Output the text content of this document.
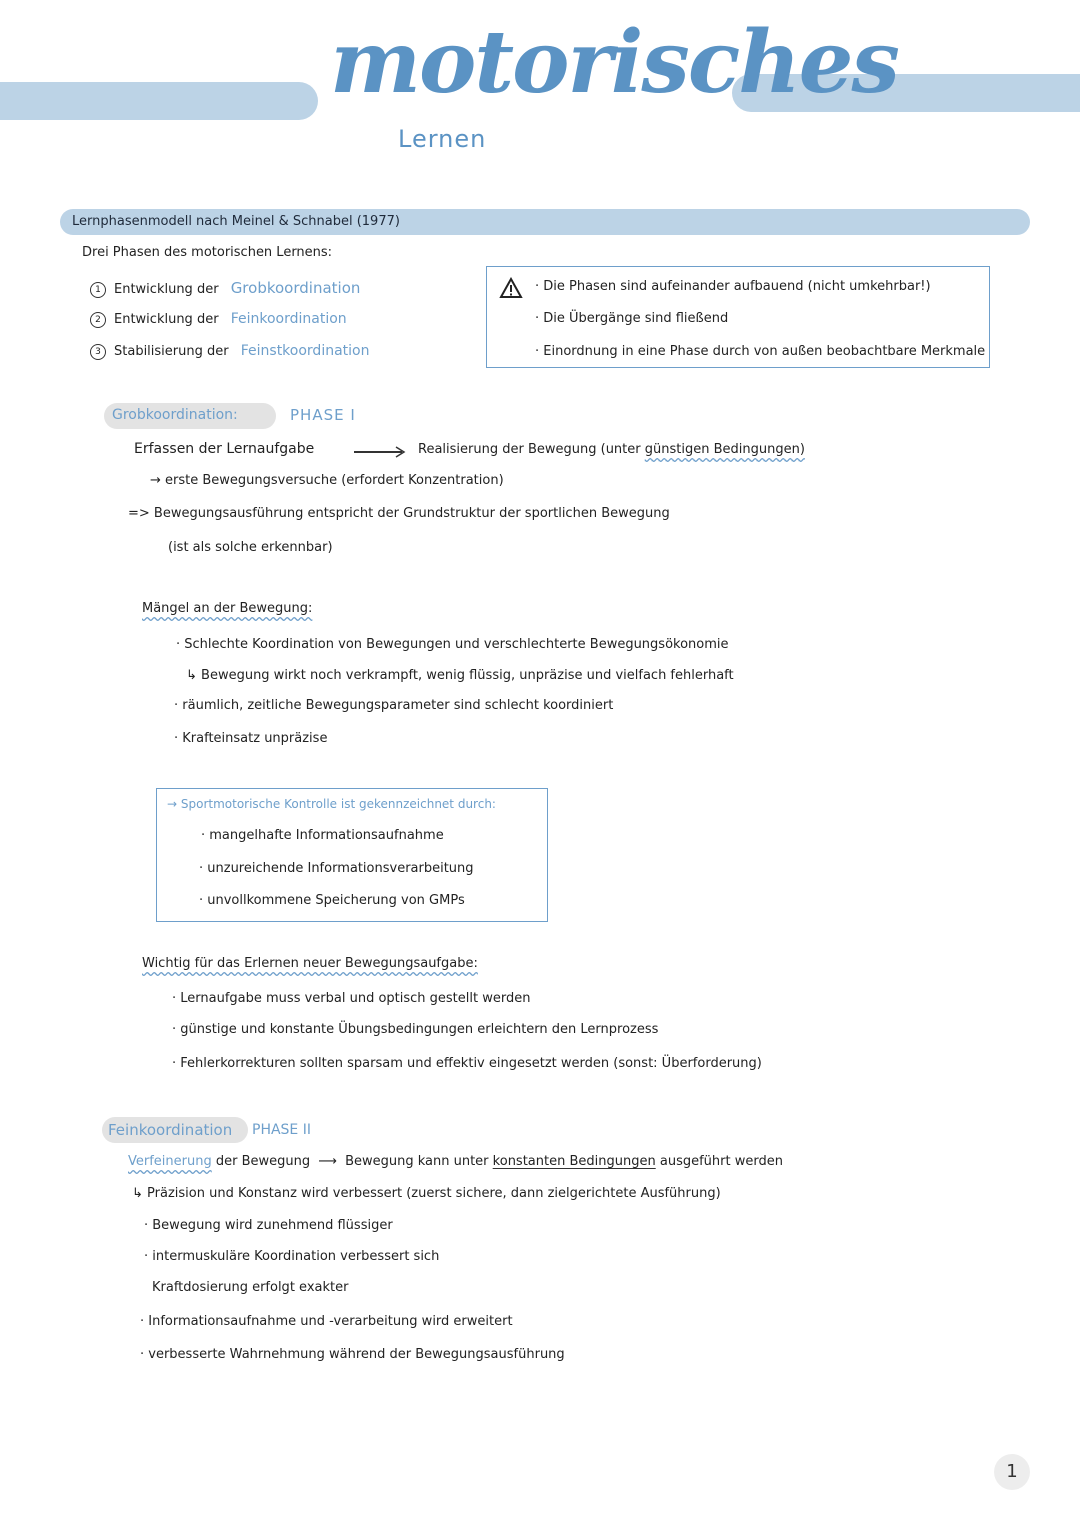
motorisches
Lernen
Lernphasenmodell nach Meinel & Schnabel (1977)
Drei Phasen des motorischen Lernens:
1 Entwicklung der Grobkoordination
2 Entwicklung der Feinkoordination
3 Stabilisierung der Feinstkoordination
· Die Phasen sind aufeinander aufbauend (nicht umkehrbar!)
· Die Übergänge sind fließend
· Einordnung in eine Phase durch von außen beobachtbare Merkmale
Grobkoordination:	PHASE I
Erfassen der Lernaufgabe	Realisierung der Bewegung (unter günstigen Bedingungen)
→ erste Bewegungsversuche (erfordert Konzentration)
=> Bewegungsausführung entspricht der Grundstruktur der sportlichen Bewegung
(ist als solche erkennbar)
Mängel an der Bewegung:
· Schlechte Koordination von Bewegungen und verschlechterte Bewegungsökonomie
↳ Bewegung wirkt noch verkrampft, wenig flüssig, unpräzise und vielfach fehlerhaft
· räumlich, zeitliche Bewegungsparameter sind schlecht koordiniert
· Krafteinsatz unpräzise
→ Sportmotorische Kontrolle ist gekennzeichnet durch:
· mangelhafte Informationsaufnahme
· unzureichende Informationsverarbeitung
· unvollkommene Speicherung von GMPs
Wichtig für das Erlernen neuer Bewegungsaufgabe:
· Lernaufgabe muss verbal und optisch gestellt werden
· günstige und konstante Übungsbedingungen erleichtern den Lernprozess
· Fehlerkorrekturen sollten sparsam und effektiv eingesetzt werden (sonst: Überforderung)
Feinkoordination PHASE II
Verfeinerung der Bewegung ⟶ Bewegung kann unter konstanten Bedingungen ausgeführt werden
↳ Präzision und Konstanz wird verbessert (zuerst sichere, dann zielgerichtete Ausführung)
· Bewegung wird zunehmend flüssiger
· intermuskuläre Koordination verbessert sich
Kraftdosierung erfolgt exakter
· Informationsaufnahme und -verarbeitung wird erweitert
· verbesserte Wahrnehmung während der Bewegungsausführung
1
